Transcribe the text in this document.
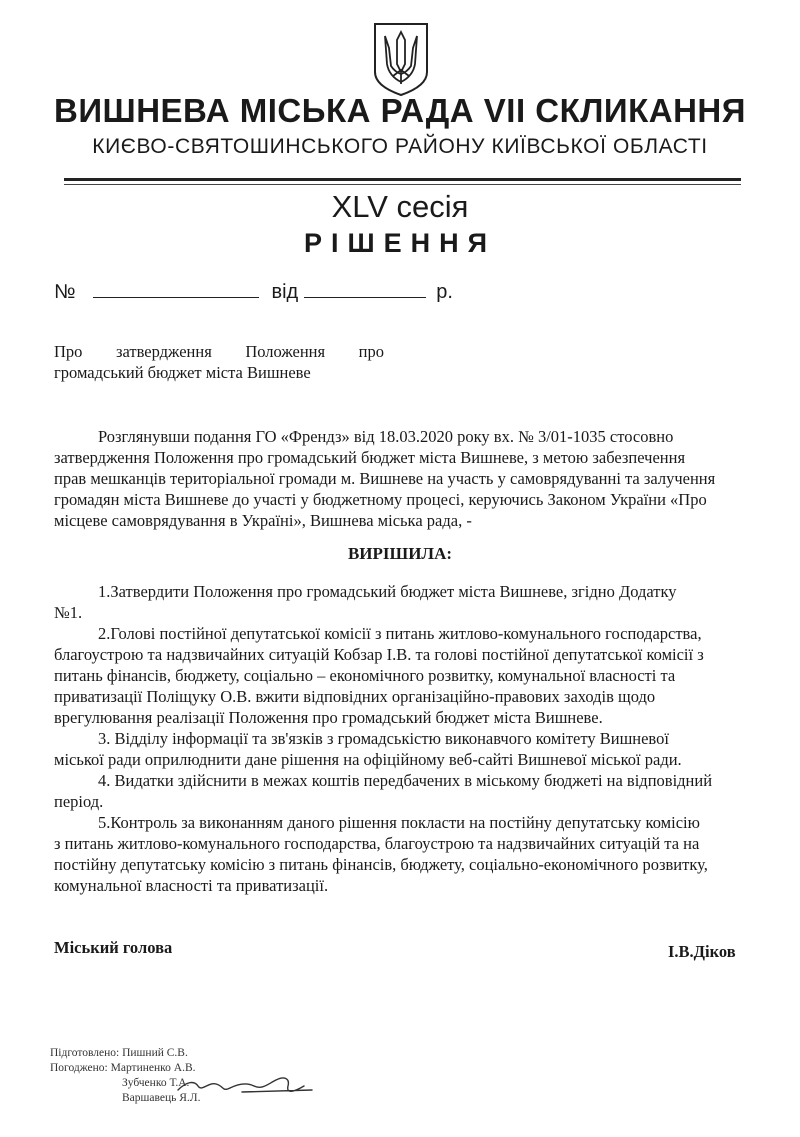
ВИШНЕВА МІСЬКА РАДА VII СКЛИКАННЯ
КИЄВО-СВЯТОШИНСЬКОГО РАЙОНУ КИЇВСЬКОЇ ОБЛАСТІ
XLV сесія
РІШЕННЯ
№	від	р.
Про затвердження Положення про
громадський бюджет міста Вишневе
Розглянувши подання ГО «Френдз» від 18.03.2020 року вх. № 3/01-1035 стосовно
затвердження Положення про громадський бюджет міста Вишневе, з метою забезпечення
прав мешканців територіальної громади м. Вишневе на участь у самоврядуванні та залучення
громадян міста Вишневе до участі у бюджетному процесі, керуючись Законом України «Про
місцеве самоврядування в Україні», Вишнева міська рада, -
ВИРІШИЛА:
1.Затвердити Положення про громадський бюджет міста Вишневе, згідно Додатку
№1.
2.Голові постійної депутатської комісії з питань житлово-комунального господарства,
благоустрою та надзвичайних ситуацій Кобзар І.В. та голові постійної депутатської комісії з
питань фінансів, бюджету, соціально – економічного розвитку, комунальної власності та
приватизації Поліщуку О.В. вжити відповідних організаційно-правових заходів щодо
врегулювання реалізації Положення про громадський бюджет міста Вишневе.
3. Відділу інформації та зв'язків з громадськістю виконавчого комітету Вишневої
міської ради оприлюднити дане рішення на офіційному веб-сайті Вишневої міської ради.
4. Видатки здійснити в межах коштів передбачених в міському бюджеті на відповідний
період.
5.Контроль за виконанням даного рішення покласти на постійну депутатську комісію
з питань житлово-комунального господарства, благоустрою та надзвичайних ситуацій та на
постійну депутатську комісію з питань фінансів, бюджету, соціально-економічного розвитку,
комунальної власності та приватизації.
Міський голова	І.В.Діков
Підготовлено: Пишний С.В.
Погоджено: Мартиненко А.В.
Зубченко Т.А.
Варшавець Я.Л.
